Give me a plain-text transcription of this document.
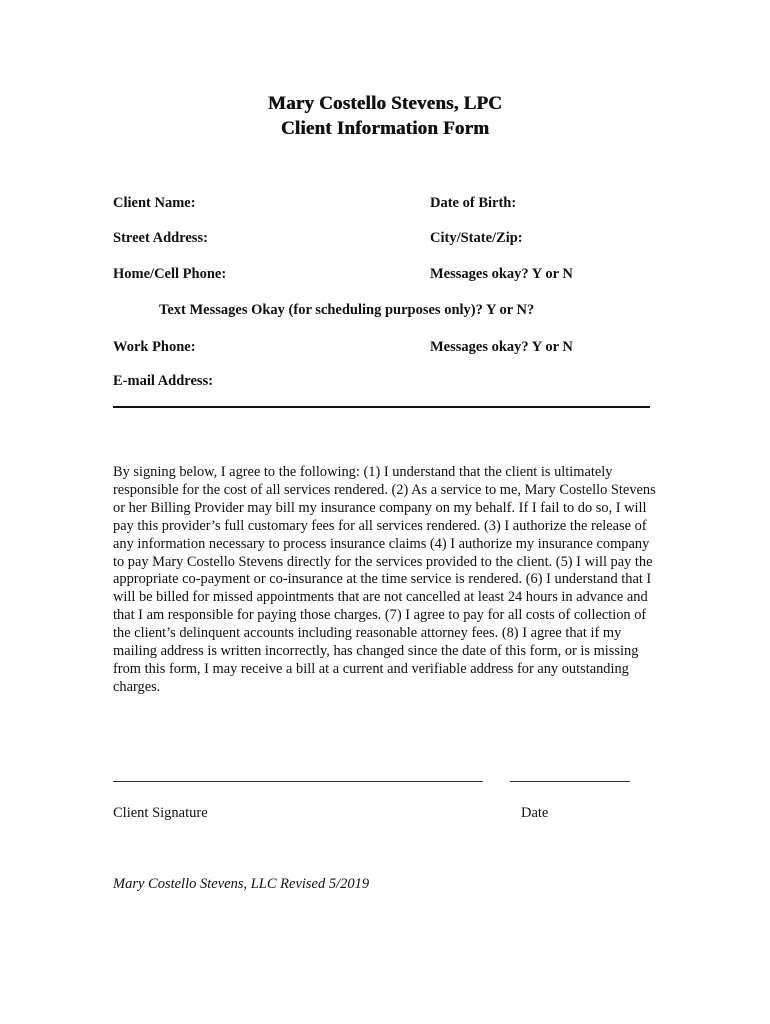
Mary Costello Stevens, LPC
Client Information Form
Client Name:	Date of Birth:
Street Address:	City/State/Zip:
Home/Cell Phone:	Messages okay? Y or N
Text Messages Okay (for scheduling purposes only)? Y or N?
Work Phone:	Messages okay? Y or N
E-mail Address:

By signing below, I agree to the following: (1) I understand that the client is ultimately responsible for the cost of all services rendered. (2) As a service to me, Mary Costello Stevens or her Billing Provider may bill my insurance company on my behalf. If I fail to do so, I will pay this provider’s full customary fees for all services rendered. (3) I authorize the release of any information necessary to process insurance claims (4) I authorize my insurance company to pay Mary Costello Stevens directly for the services provided to the client. (5) I will pay the appropriate co-payment or co-insurance at the time service is rendered. (6) I understand that I will be billed for missed appointments that are not cancelled at least 24 hours in advance and that I am responsible for paying those charges. (7) I agree to pay for all costs of collection of the client’s delinquent accounts including reasonable attorney fees. (8) I agree that if my mailing address is written incorrectly, has changed since the date of this form, or is missing from this form, I may receive a bill at a current and verifiable address for any outstanding charges.

Client Signature	Date
Mary Costello Stevens, LLC Revised 5/2019
